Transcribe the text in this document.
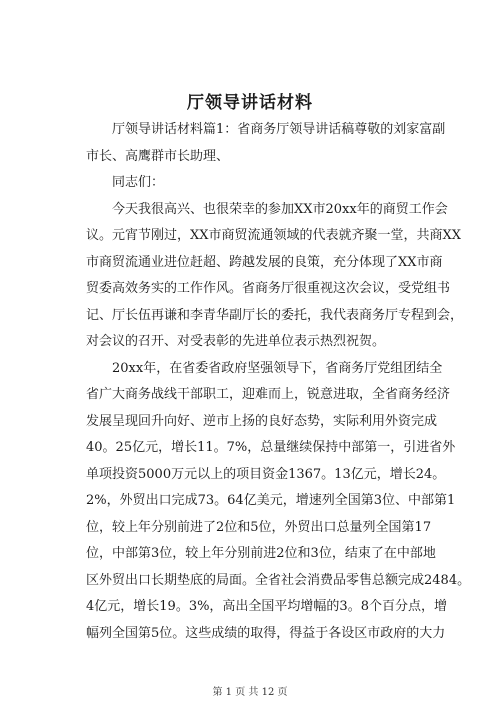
厅领导讲话材料
厅领导讲话材料篇1：省商务厅领导讲话稿尊敬的刘家富副
市长、高鹰群市长助理、
同志们：
今天我很高兴、也很荣幸的参加XX市20xx年的商贸工作会
议。元宵节刚过，XX市商贸流通领域的代表就齐聚一堂，共商XX
市商贸流通业进位赶超、跨越发展的良策，充分体现了XX市商
贸委高效务实的工作作风。省商务厅很重视这次会议，受党组书
记、厅长伍再谦和李青华副厅长的委托，我代表商务厅专程到会，
对会议的召开、对受表彰的先进单位表示热烈祝贺。
20xx年，在省委省政府坚强领导下，省商务厅党组团结全
省广大商务战线干部职工，迎难而上，锐意进取，全省商务经济
发展呈现回升向好、逆市上扬的良好态势，实际利用外资完成
40。25亿元，增长11。7%，总量继续保持中部第一，引进省外
单项投资5000万元以上的项目资金1367。13亿元，增长24。
2%，外贸出口完成73。64亿美元，增速列全国第3位、中部第1
位，较上年分别前进了2位和5位，外贸出口总量列全国第17
位，中部第3位，较上年分别前进2位和3位，结束了在中部地
区外贸出口长期垫底的局面。全省社会消费品零售总额完成2484。
4亿元，增长19。3%，高出全国平均增幅的3。8个百分点，增
幅列全国第5位。这些成绩的取得，得益于各设区市政府的大力
第 1 页 共 12 页
